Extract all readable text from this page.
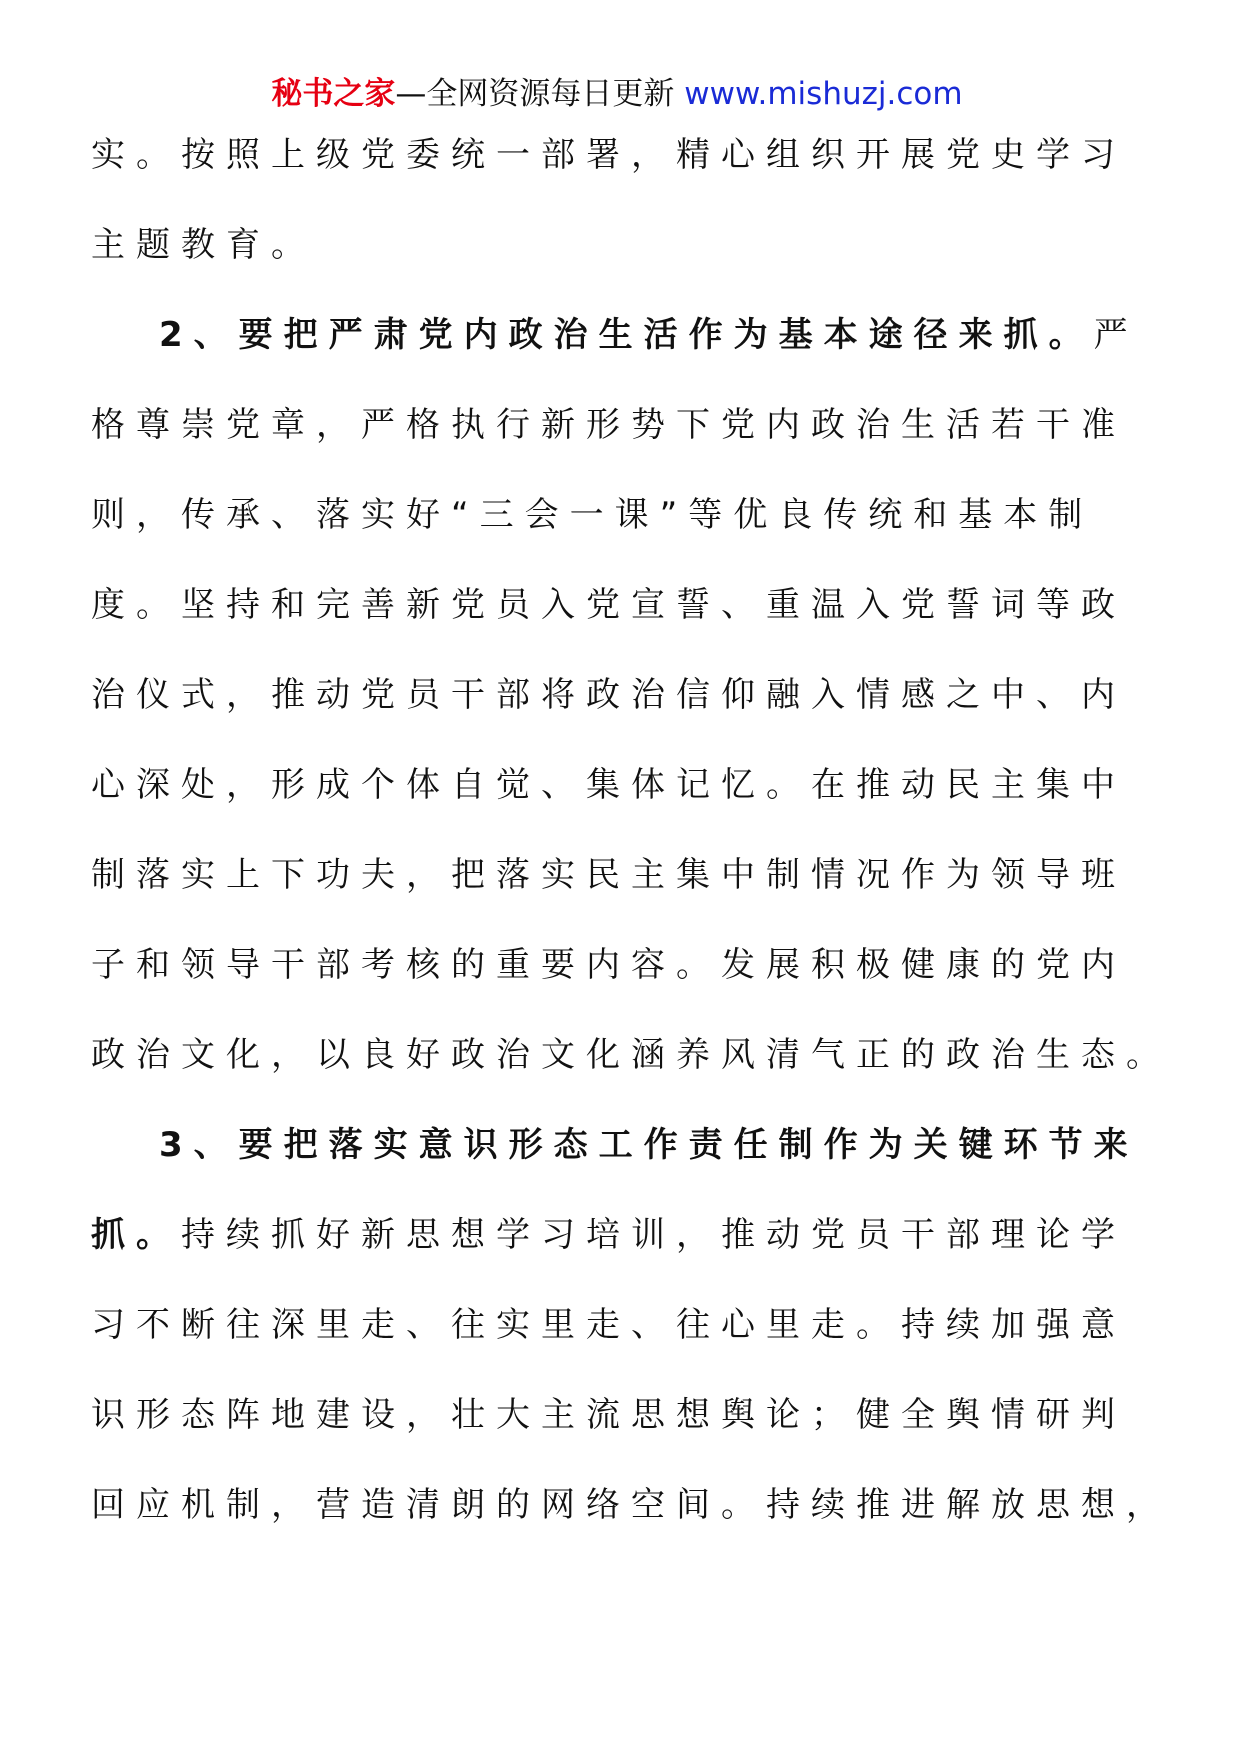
秘书之家—全网资源每日更新 www.mishuzj.com
实。按照上级党委统一部署，精心组织开展党史学习
主题教育。
2、要把严肃党内政治生活作为基本途径来抓。严
格尊崇党章，严格执行新形势下党内政治生活若干准
则，传承、落实好“三会一课”等优良传统和基本制
度。坚持和完善新党员入党宣誓、重温入党誓词等政
治仪式，推动党员干部将政治信仰融入情感之中、内
心深处，形成个体自觉、集体记忆。在推动民主集中
制落实上下功夫，把落实民主集中制情况作为领导班
子和领导干部考核的重要内容。发展积极健康的党内
政治文化，以良好政治文化涵养风清气正的政治生态。
3、要把落实意识形态工作责任制作为关键环节来
抓。持续抓好新思想学习培训，推动党员干部理论学
习不断往深里走、往实里走、往心里走。持续加强意
识形态阵地建设，壮大主流思想舆论；健全舆情研判
回应机制，营造清朗的网络空间。持续推进解放思想，
